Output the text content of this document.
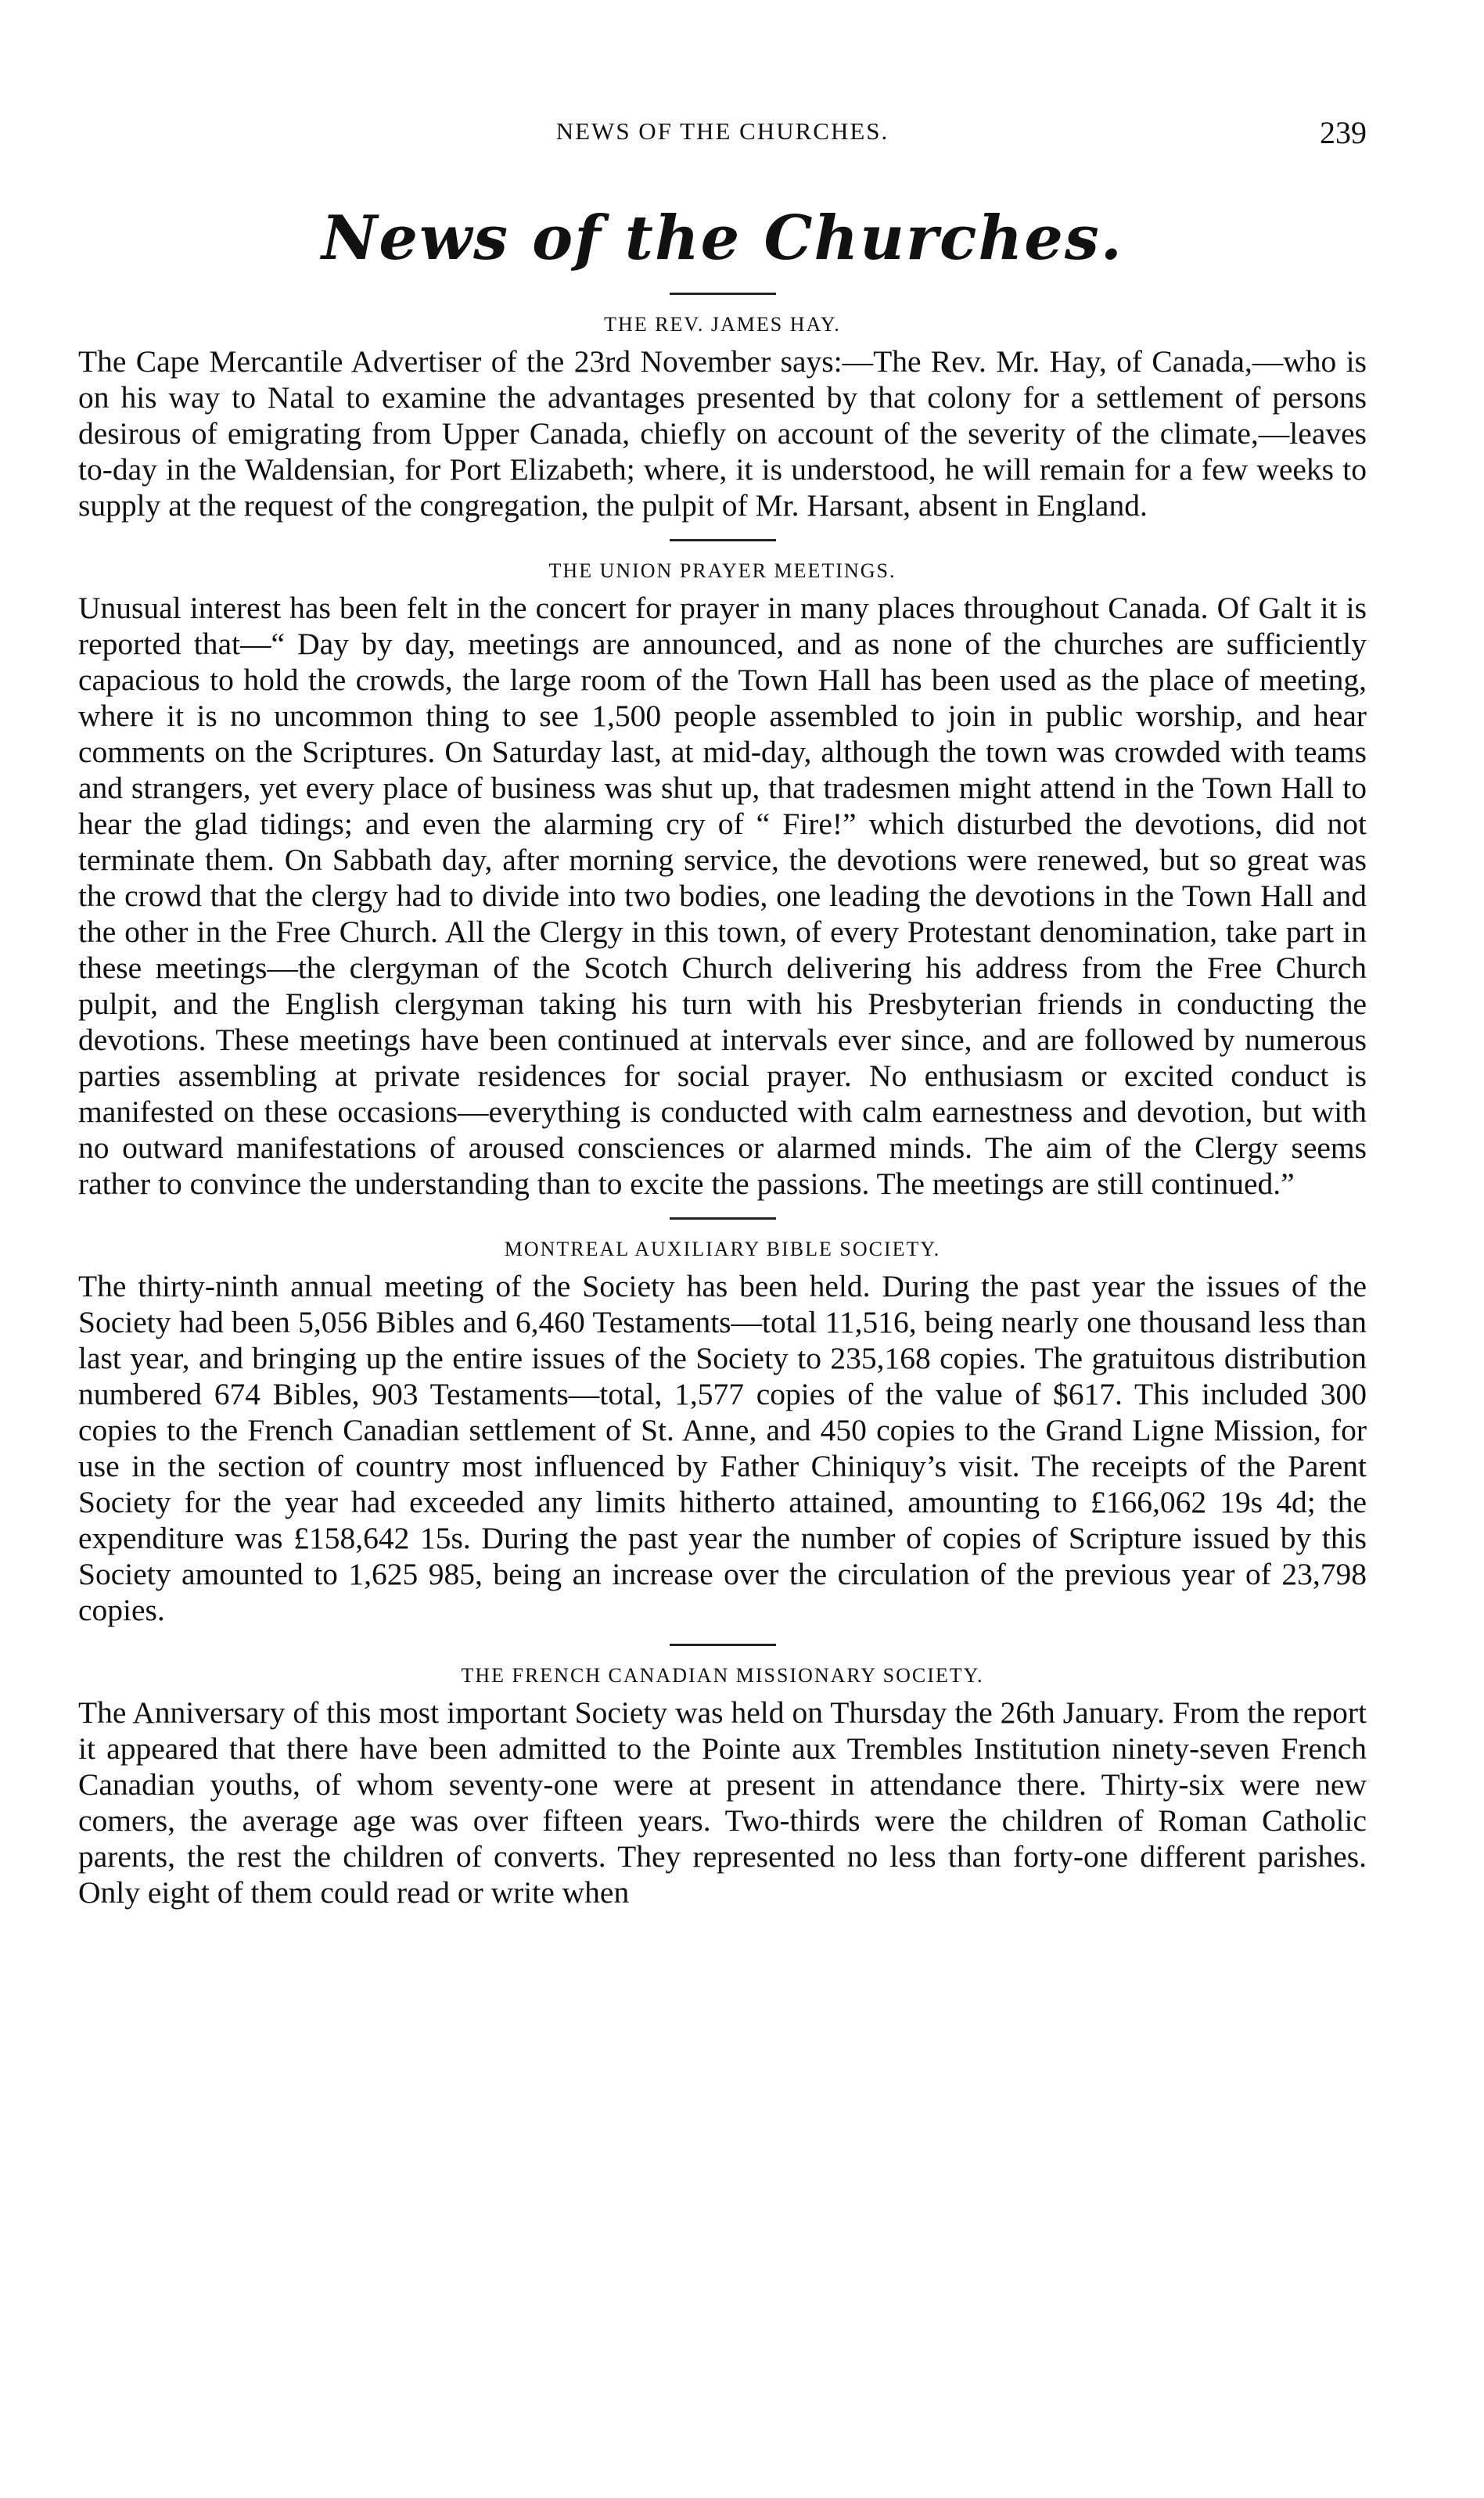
NEWS OF THE CHURCHES.	239
News of the Churches.
THE REV. JAMES HAY.

The Cape Mercantile Advertiser of the 23rd November says:—The Rev. Mr. Hay, of Canada,—who is on his way to Natal to examine the advantages presented by that colony for a settlement of persons desirous of emigrating from Upper Canada, chiefly on account of the severity of the climate,—leaves to-day in the Waldensian, for Port Elizabeth; where, it is understood, he will remain for a few weeks to supply at the request of the congregation, the pulpit of Mr. Harsant, absent in England.

THE UNION PRAYER MEETINGS.

Unusual interest has been felt in the concert for prayer in many places throughout Canada. Of Galt it is reported that—“ Day by day, meetings are announced, and as none of the churches are sufficiently capacious to hold the crowds, the large room of the Town Hall has been used as the place of meeting, where it is no uncommon thing to see 1,500 people assembled to join in public worship, and hear comments on the Scriptures. On Saturday last, at mid-day, although the town was crowded with teams and strangers, yet every place of business was shut up, that tradesmen might attend in the Town Hall to hear the glad tidings; and even the alarming cry of “ Fire!” which disturbed the devotions, did not terminate them. On Sabbath day, after morning service, the devotions were renewed, but so great was the crowd that the clergy had to divide into two bodies, one leading the devotions in the Town Hall and the other in the Free Church. All the Clergy in this town, of every Protestant denomination, take part in these meetings—the clergyman of the Scotch Church delivering his address from the Free Church pulpit, and the English clergyman taking his turn with his Presbyterian friends in conducting the devotions. These meetings have been continued at intervals ever since, and are followed by numerous parties assembling at private residences for social prayer. No enthusiasm or excited conduct is manifested on these occasions—everything is conducted with calm earnestness and devotion, but with no outward manifestations of aroused consciences or alarmed minds. The aim of the Clergy seems rather to convince the understanding than to excite the passions. The meetings are still continued.”

MONTREAL AUXILIARY BIBLE SOCIETY.

The thirty-ninth annual meeting of the Society has been held. During the past year the issues of the Society had been 5,056 Bibles and 6,460 Testaments—total 11,516, being nearly one thousand less than last year, and bringing up the entire issues of the Society to 235,168 copies. The gratuitous distribution numbered 674 Bibles, 903 Testaments—total, 1,577 copies of the value of $617. This included 300 copies to the French Canadian settlement of St. Anne, and 450 copies to the Grand Ligne Mission, for use in the section of country most influenced by Father Chiniquy’s visit. The receipts of the Parent Society for the year had exceeded any limits hitherto attained, amounting to £166,062 19s 4d; the expenditure was £158,642 15s. During the past year the number of copies of Scripture issued by this Society amounted to 1,625 985, being an increase over the circulation of the previous year of 23,798 copies.

THE FRENCH CANADIAN MISSIONARY SOCIETY.

The Anniversary of this most important Society was held on Thursday the 26th January. From the report it appeared that there have been admitted to the Pointe aux Trembles Institution ninety-seven French Canadian youths, of whom seventy-one were at present in attendance there. Thirty-six were new comers, the average age was over fifteen years. Two-thirds were the children of Roman Catholic parents, the rest the children of converts. They represented no less than forty-one different parishes. Only eight of them could read or write when
